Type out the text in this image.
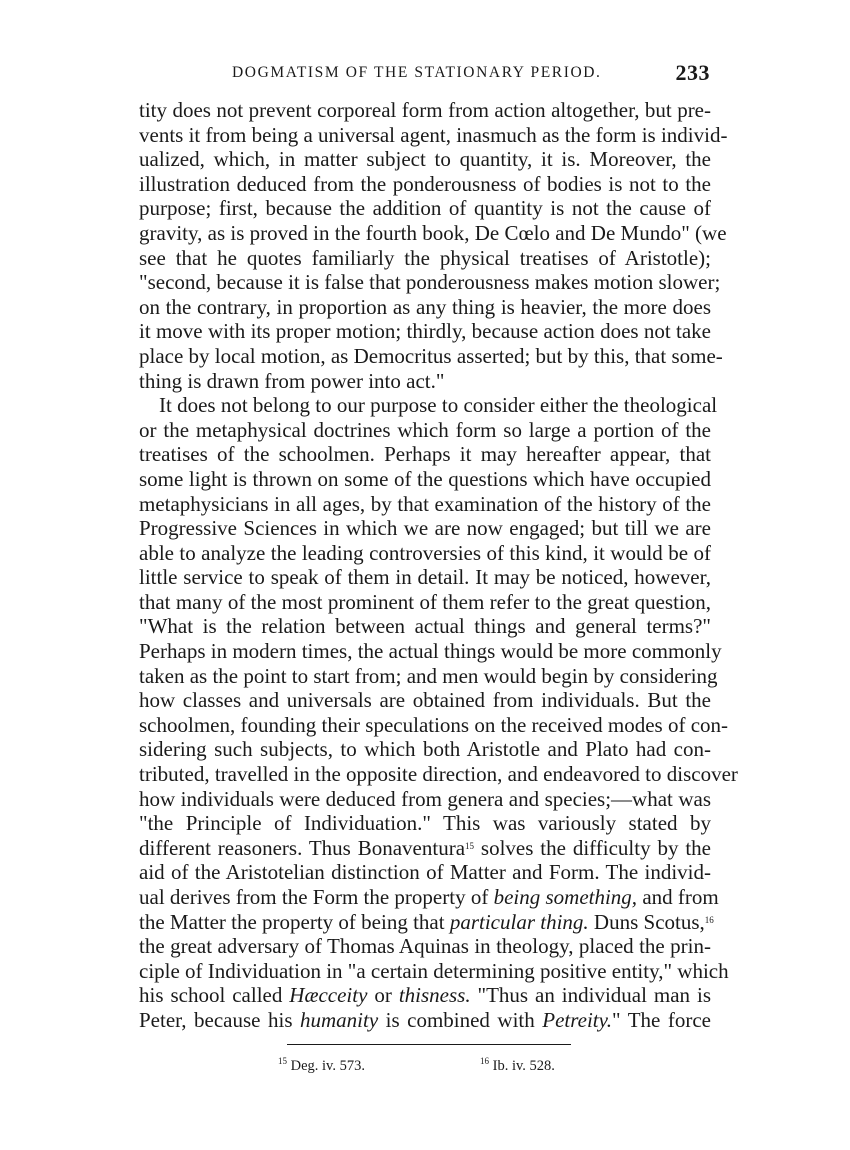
DOGMATISM OF THE STATIONARY PERIOD.	233
tity does not prevent corporeal form from action altogether, but pre-
vents it from being a universal agent, inasmuch as the form is individ-
ualized, which, in matter subject to quantity, it is. Moreover, the
illustration deduced from the ponderousness of bodies is not to the
purpose; first, because the addition of quantity is not the cause of
gravity, as is proved in the fourth book, De Cœlo and De Mundo" (we
see that he quotes familiarly the physical treatises of Aristotle);
"second, because it is false that ponderousness makes motion slower;
on the contrary, in proportion as any thing is heavier, the more does
it move with its proper motion; thirdly, because action does not take
place by local motion, as Democritus asserted; but by this, that some-
thing is drawn from power into act."
It does not belong to our purpose to consider either the theological
or the metaphysical doctrines which form so large a portion of the
treatises of the schoolmen. Perhaps it may hereafter appear, that
some light is thrown on some of the questions which have occupied
metaphysicians in all ages, by that examination of the history of the
Progressive Sciences in which we are now engaged; but till we are
able to analyze the leading controversies of this kind, it would be of
little service to speak of them in detail. It may be noticed, however,
that many of the most prominent of them refer to the great question,
"What is the relation between actual things and general terms?"
Perhaps in modern times, the actual things would be more commonly
taken as the point to start from; and men would begin by considering
how classes and universals are obtained from individuals. But the
schoolmen, founding their speculations on the received modes of con-
sidering such subjects, to which both Aristotle and Plato had con-
tributed, travelled in the opposite direction, and endeavored to discover
how individuals were deduced from genera and species;—what was
"the Principle of Individuation." This was variously stated by
different reasoners. Thus Bonaventura$^{15}$ solves the difficulty by the
aid of the Aristotelian distinction of Matter and Form. The individ-
ual derives from the Form the property of being something, and from
the Matter the property of being that particular thing. Duns Scotus,$^{16}$
the great adversary of Thomas Aquinas in theology, placed the prin-
ciple of Individuation in "a certain determining positive entity," which
his school called Hæcceity or thisness. "Thus an individual man is
Peter, because his humanity is combined with Petreity." The force
$^{15}$ Deg. iv. 573.	$^{16}$ Ib. iv. 528.
